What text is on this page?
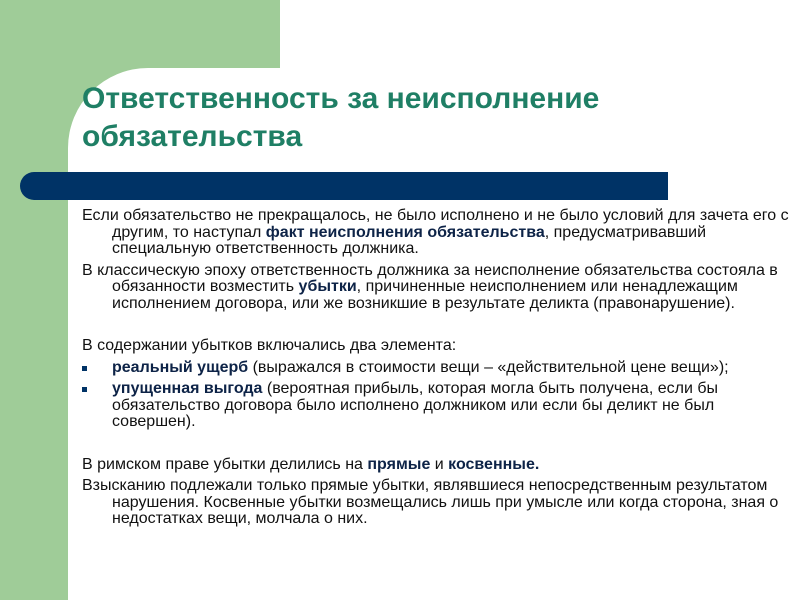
Ответственность за неисполнение обязательства

Если обязательство не прекращалось, не было исполнено и не было условий для зачета его с другим, то наступал факт неисполнения обязательства, предусматривавший специальную ответственность должника.

В классическую эпоху ответственность должника за неисполнение обязательства состояла в обязанности возместить убытки, причиненные неисполнением или ненадлежащим исполнением договора, или же возникшие в результате деликта (правонарушение).

В содержании убытков включались два элемента:

реальный ущерб (выражался в стоимости вещи – «действительной цене вещи»);
упущенная выгода (вероятная прибыль, которая могла быть получена, если бы обязательство договора было исполнено должником или если бы деликт не был совершен).

В римском праве убытки делились на прямые и косвенные.

Взысканию подлежали только прямые убытки, являвшиеся непосредственным результатом нарушения. Косвенные убытки возмещались лишь при умысле или когда сторона, зная о недостатках вещи, молчала о них.
